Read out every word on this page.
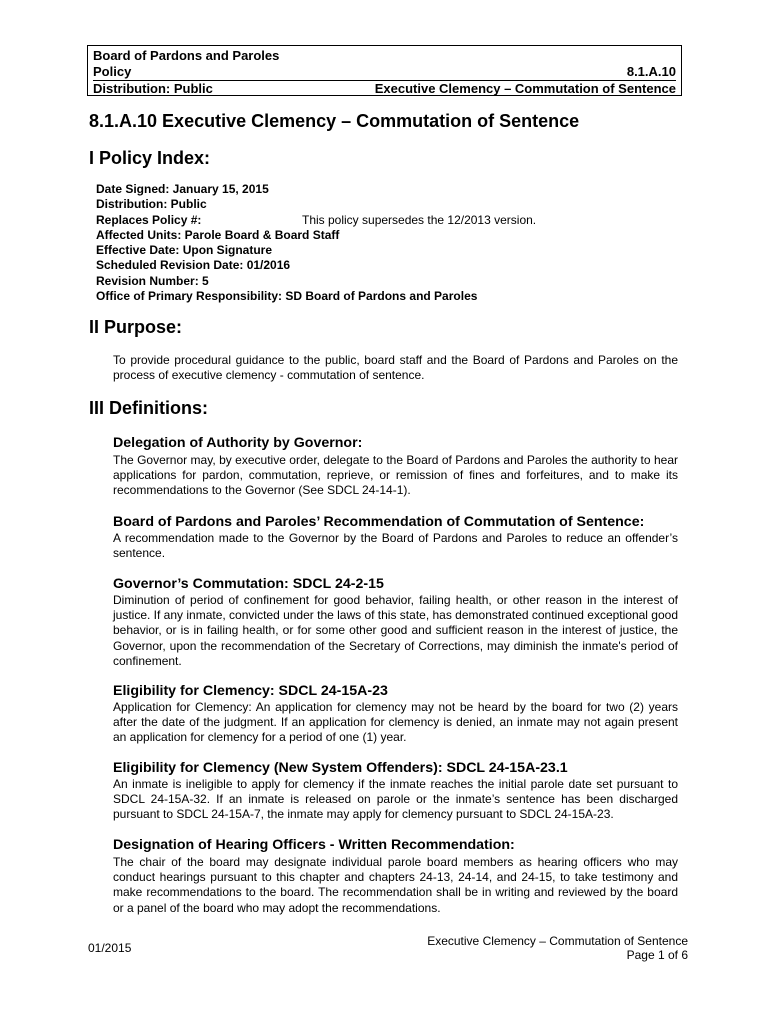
Board of Pardons and Paroles
Policy	8.1.A.10
Distribution: Public	Executive Clemency – Commutation of Sentence
8.1.A.10 Executive Clemency – Commutation of Sentence
I Policy Index:
Date Signed: January 15, 2015
Distribution: Public
Replaces Policy #:	This policy supersedes the 12/2013 version.
Affected Units: Parole Board & Board Staff
Effective Date: Upon Signature
Scheduled Revision Date: 01/2016
Revision Number: 5
Office of Primary Responsibility: SD Board of Pardons and Paroles
II Purpose:
To provide procedural guidance to the public, board staff and the Board of Pardons and Paroles on the process of executive clemency - commutation of sentence.
III Definitions:
Delegation of Authority by Governor:
The Governor may, by executive order, delegate to the Board of Pardons and Paroles the authority to hear applications for pardon, commutation, reprieve, or remission of fines and forfeitures, and to make its recommendations to the Governor (See SDCL 24-14-1).
Board of Pardons and Paroles’ Recommendation of Commutation of Sentence:
A recommendation made to the Governor by the Board of Pardons and Paroles to reduce an offender’s sentence.
Governor’s Commutation: SDCL 24-2-15
Diminution of period of confinement for good behavior, failing health, or other reason in the interest of justice. If any inmate, convicted under the laws of this state, has demonstrated continued exceptional good behavior, or is in failing health, or for some other good and sufficient reason in the interest of justice, the Governor, upon the recommendation of the Secretary of Corrections, may diminish the inmate's period of confinement.
Eligibility for Clemency: SDCL 24-15A-23
Application for Clemency: An application for clemency may not be heard by the board for two (2) years after the date of the judgment. If an application for clemency is denied, an inmate may not again present an application for clemency for a period of one (1) year.
Eligibility for Clemency (New System Offenders): SDCL 24-15A-23.1
An inmate is ineligible to apply for clemency if the inmate reaches the initial parole date set pursuant to SDCL 24-15A-32. If an inmate is released on parole or the inmate’s sentence has been discharged pursuant to SDCL 24-15A-7, the inmate may apply for clemency pursuant to SDCL 24-15A-23.
Designation of Hearing Officers - Written Recommendation:
The chair of the board may designate individual parole board members as hearing officers who may conduct hearings pursuant to this chapter and chapters 24-13, 24-14, and 24-15, to take testimony and make recommendations to the board. The recommendation shall be in writing and reviewed by the board or a panel of the board who may adopt the recommendations.
01/2015	Executive Clemency – Commutation of Sentence
Page 1 of 6
